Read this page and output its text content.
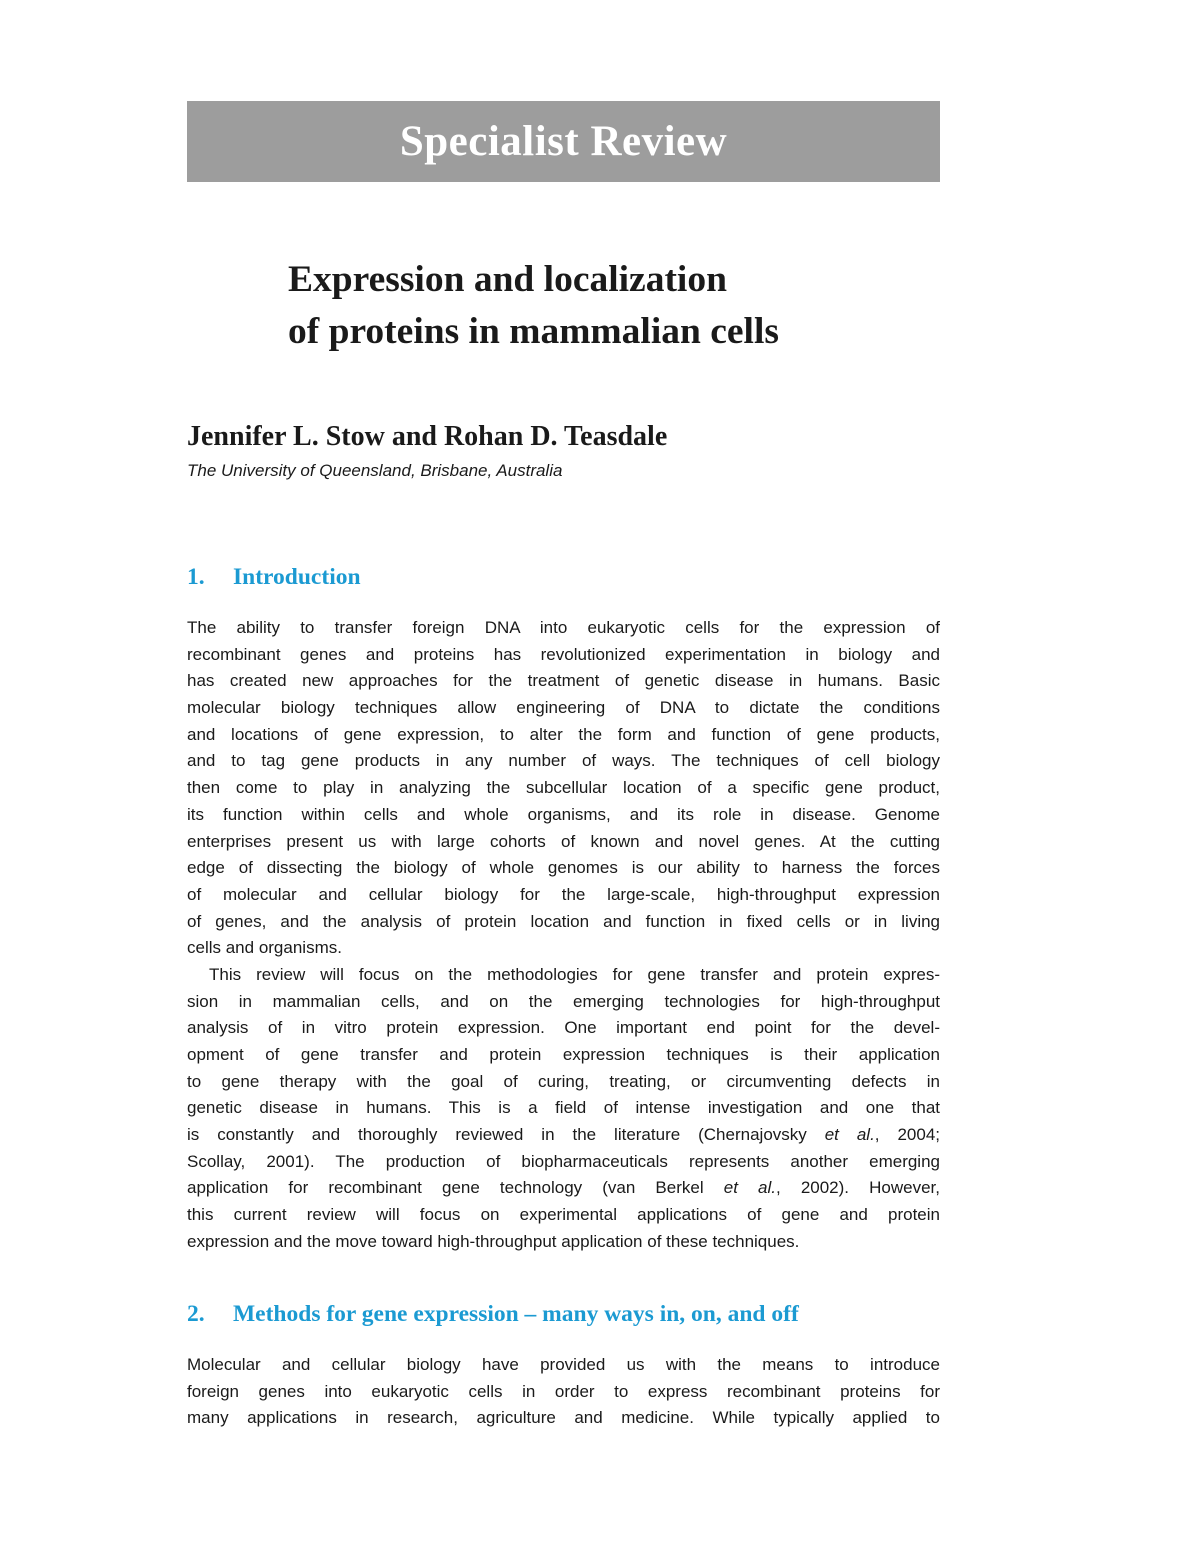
Specialist Review
Expression and localization
of proteins in mammalian cells
Jennifer L. Stow and Rohan D. Teasdale
The University of Queensland, Brisbane, Australia
1. Introduction
The ability to transfer foreign DNA into eukaryotic cells for the expression of
recombinant genes and proteins has revolutionized experimentation in biology and
has created new approaches for the treatment of genetic disease in humans. Basic
molecular biology techniques allow engineering of DNA to dictate the conditions
and locations of gene expression, to alter the form and function of gene products,
and to tag gene products in any number of ways. The techniques of cell biology
then come to play in analyzing the subcellular location of a specific gene product,
its function within cells and whole organisms, and its role in disease. Genome
enterprises present us with large cohorts of known and novel genes. At the cutting
edge of dissecting the biology of whole genomes is our ability to harness the forces
of molecular and cellular biology for the large-scale, high-throughput expression
of genes, and the analysis of protein location and function in fixed cells or in living
cells and organisms.
This review will focus on the methodologies for gene transfer and protein expres-
sion in mammalian cells, and on the emerging technologies for high-throughput
analysis of in vitro protein expression. One important end point for the devel-
opment of gene transfer and protein expression techniques is their application
to gene therapy with the goal of curing, treating, or circumventing defects in
genetic disease in humans. This is a field of intense investigation and one that
is constantly and thoroughly reviewed in the literature (Chernajovsky et al., 2004;
Scollay, 2001). The production of biopharmaceuticals represents another emerging
application for recombinant gene technology (van Berkel et al., 2002). However,
this current review will focus on experimental applications of gene and protein
expression and the move toward high-throughput application of these techniques.
2. Methods for gene expression – many ways in, on, and off
Molecular and cellular biology have provided us with the means to introduce
foreign genes into eukaryotic cells in order to express recombinant proteins for
many applications in research, agriculture and medicine. While typically applied to
